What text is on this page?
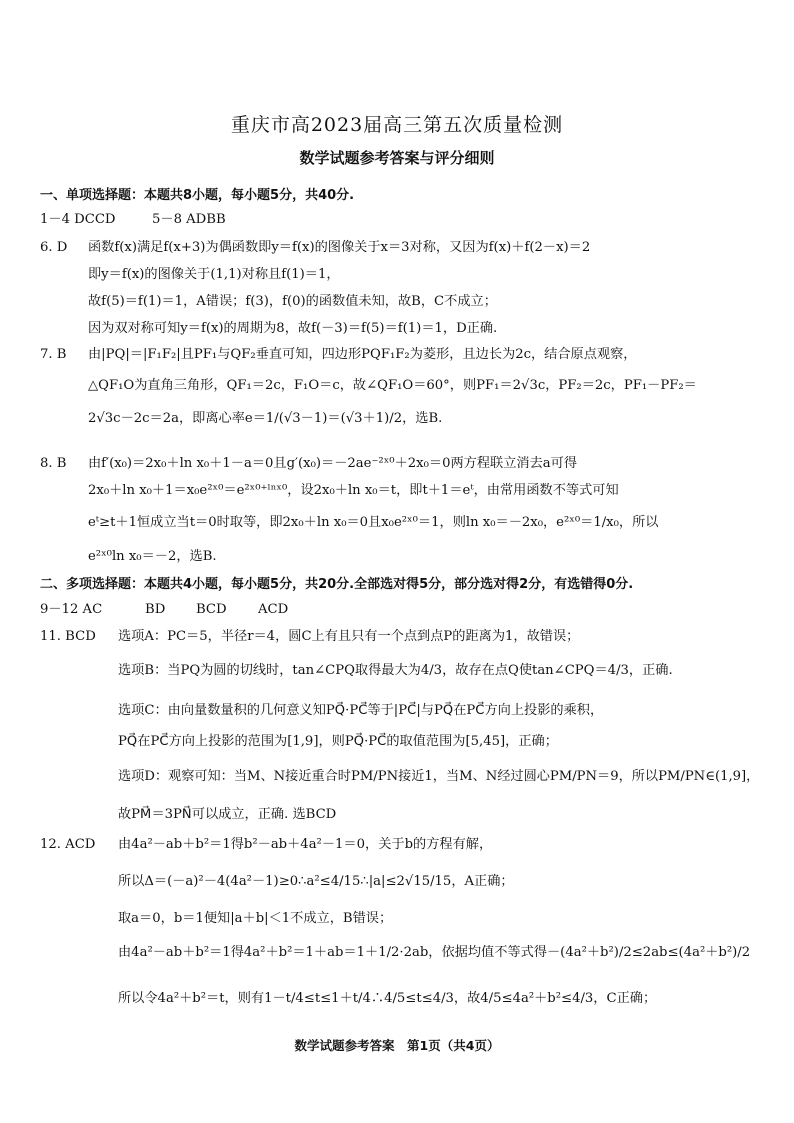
重庆市高2023届高三第五次质量检测
数学试题参考答案与评分细则
一、单项选择题：本题共8小题，每小题5分，共40分.
1－4 DCCD	5－8 ADBB
6. D 函数f(x)满足f(x+3)为偶函数即y＝f(x)的图像关于x＝3对称，又因为f(x)＋f(2－x)＝2
即y＝f(x)的图像关于(1,1)对称且f(1)＝1，
故f(5)＝f(1)＝1，A错误；f(3)，f(0)的函数值未知，故B，C不成立；
因为双对称可知y＝f(x)的周期为8，故f(－3)＝f(5)＝f(1)＝1，D正确.
7. B 由|PQ|＝|F₁F₂|且PF₁与QF₂垂直可知，四边形PQF₁F₂为菱形，且边长为2c，结合原点观察，
△QF₁O为直角三角形，QF₁＝2c，F₁O＝c，故∠QF₁O＝60°，则PF₁＝2√3c，PF₂＝2c，PF₁－PF₂＝
2√3c－2c＝2a，即离心率e＝1/(√3－1)＝(√3＋1)/2，选B.
8. B 由f′(x₀)＝2x₀＋ln x₀＋1－a＝0且g′(x₀)＝－2ae⁻²ˣ⁰＋2x₀＝0两方程联立消去a可得
2x₀＋ln x₀＋1＝x₀e²ˣ⁰＝e²ˣ⁰⁺ˡⁿˣ⁰，设2x₀＋ln x₀＝t，即t＋1＝eᵗ，由常用函数不等式可知
eᵗ≥t＋1恒成立当t＝0时取等，即2x₀＋ln x₀＝0且x₀e²ˣ⁰＝1，则ln x₀＝－2x₀，e²ˣ⁰＝1/x₀，所以
e²ˣ⁰ln x₀＝－2，选B.
二、多项选择题：本题共4小题，每小题5分，共20分.全部选对得5分，部分选对得2分，有选错得0分.
9－12 AC	BD BCD ACD
11. BCD 选项A：PC＝5，半径r＝4，圆C上有且只有一个点到点P的距离为1，故错误；
选项B：当PQ为圆的切线时，tan∠CPQ取得最大为4/3，故存在点Q使tan∠CPQ＝4/3，正确.
选项C：由向量数量积的几何意义知PQ⃗·PC⃗等于|PC⃗|与PQ⃗在PC⃗方向上投影的乘积，
PQ⃗在PC⃗方向上投影的范围为[1,9]，则PQ⃗·PC⃗的取值范围为[5,45]，正确；
选项D：观察可知：当M、N接近重合时PM/PN接近1，当M、N经过圆心PM/PN＝9，所以PM/PN∈(1,9]，
故PM⃗＝3PN⃗可以成立，正确. 选BCD
12. ACD 由4a²－ab＋b²＝1得b²－ab＋4a²－1＝0，关于b的方程有解，
所以Δ＝(－a)²－4(4a²－1)≥0∴a²≤4/15∴|a|≤2√15/15，A正确；
取a＝0，b＝1便知|a＋b|＜1不成立，B错误；
由4a²－ab＋b²＝1得4a²＋b²＝1＋ab＝1＋1/2·2ab，依据均值不等式得－(4a²＋b²)/2≤2ab≤(4a²＋b²)/2
所以令4a²＋b²＝t，则有1－t/4≤t≤1＋t/4∴4/5≤t≤4/3，故4/5≤4a²＋b²≤4/3，C正确；
数学试题参考答案　第1页（共4页）
